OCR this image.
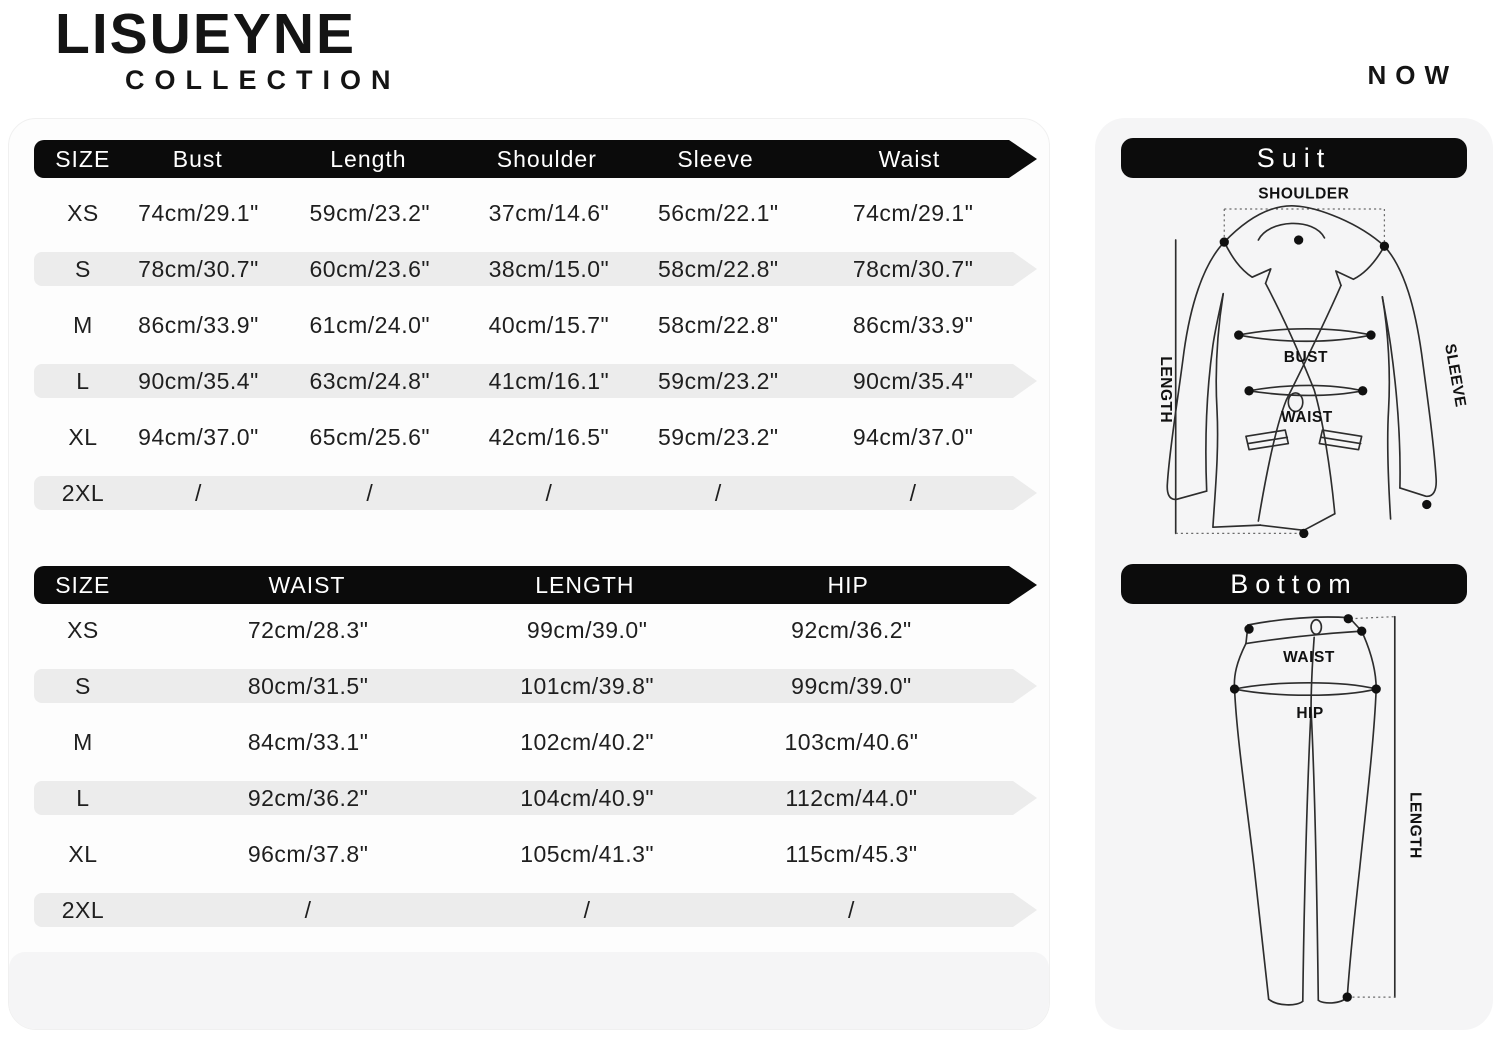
LISUEYNE
COLLECTION	NOW
SIZE	Bust	Length	Shoulder	Sleeve	Waist
XS	74cm/29.1"	59cm/23.2"	37cm/14.6"	56cm/22.1"	74cm/29.1"
S	78cm/30.7"	60cm/23.6"	38cm/15.0"	58cm/22.8"	78cm/30.7"
M	86cm/33.9"	61cm/24.0"	40cm/15.7"	58cm/22.8"	86cm/33.9"
L	90cm/35.4"	63cm/24.8"	41cm/16.1"	59cm/23.2"	90cm/35.4"
XL	94cm/37.0"	65cm/25.6"	42cm/16.5"	59cm/23.2"	94cm/37.0"
2XL	/	/	/	/	/
SIZE	WAIST	LENGTH	HIP
XS	72cm/28.3"	99cm/39.0"	92cm/36.2"
S	80cm/31.5"	101cm/39.8"	99cm/39.0"
M	84cm/33.1"	102cm/40.2"	103cm/40.6"
L	92cm/36.2"	104cm/40.9"	112cm/44.0"
XL	96cm/37.8"	105cm/41.3"	115cm/45.3"
2XL	/	/	/
Suit
SHOULDER
BUST
WAIST
LENGTH	SLEEVE
Bottom
WAIST
HIP
LENGTH
